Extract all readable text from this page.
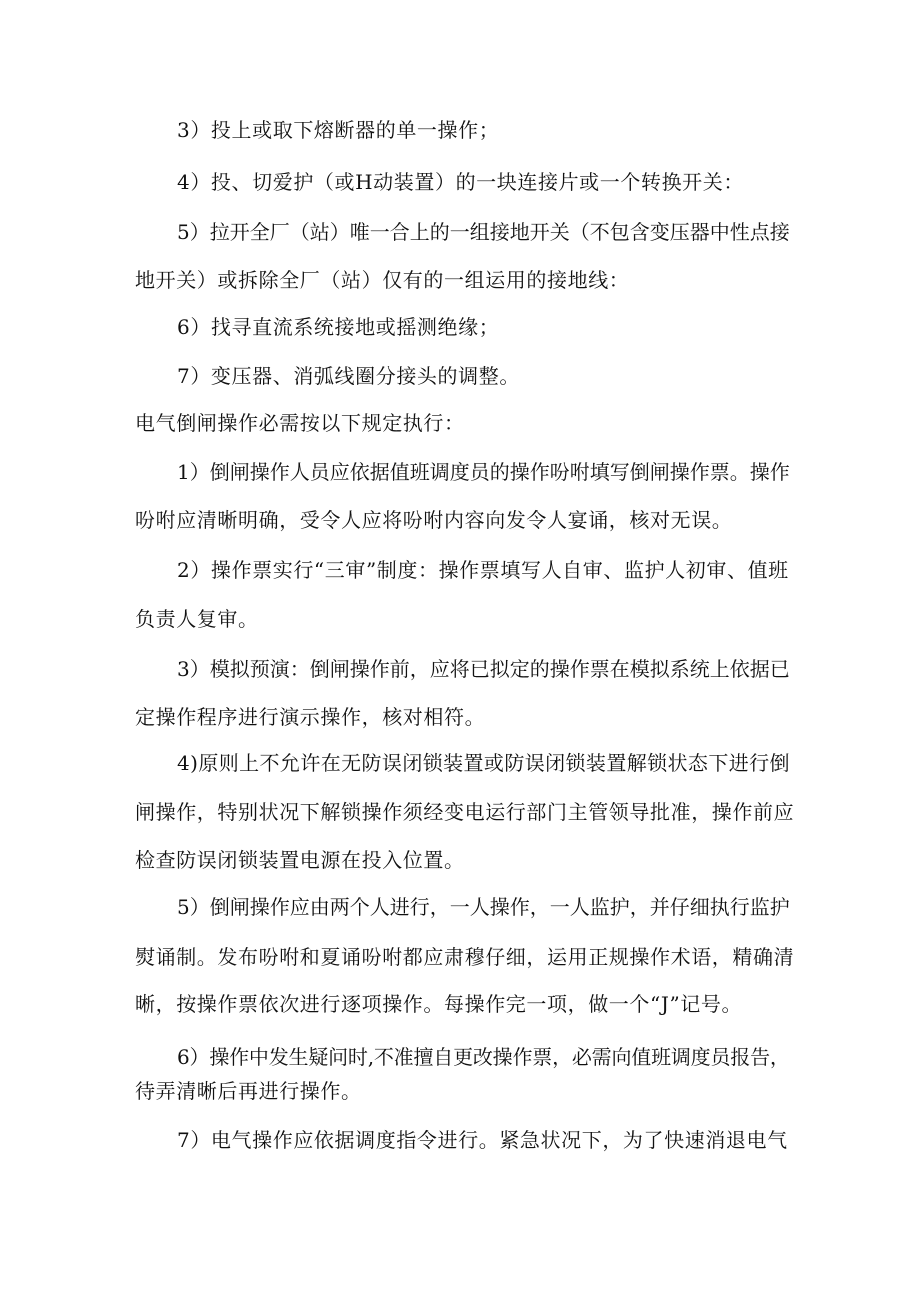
3）投上或取下熔断器的单一操作；
4）投、切爱护（或H动装置）的一块连接片或一个转换开关：
5）拉开全厂（站）唯一合上的一组接地开关（不包含变压器中性点接
地开关）或拆除全厂（站）仅有的一组运用的接地线：
6）找寻直流系统接地或摇测绝缘；
7）变压器、消弧线圈分接头的调整。
电气倒闸操作必需按以下规定执行：
1）倒闸操作人员应依据值班调度员的操作吩咐填写倒闸操作票。操作
吩咐应清晰明确，受令人应将吩咐内容向发令人宴诵，核对无误。
2）操作票实行“三审”制度：操作票填写人自审、监护人初审、值班
负责人复审。
3）模拟预演：倒闸操作前，应将已拟定的操作票在模拟系统上依据已
定操作程序进行演示操作，核对相符。
4)原则上不允许在无防误闭锁装置或防误闭锁装置解锁状态下进行倒
闸操作，特别状况下解锁操作须经变电运行部门主管领导批准，操作前应
检查防误闭锁装置电源在投入位置。
5）倒闸操作应由两个人进行，一人操作，一人监护，并仔细执行监护
熨诵制。发布吩咐和夏诵吩咐都应肃穆仔细，运用正规操作术语，精确清
晰，按操作票依次进行逐项操作。每操作完一项，做一个“J”记号。
6）操作中发生疑问时,不准擅自更改操作票，必需向值班调度员报告，
待弄清晰后再进行操作。
7）电气操作应依据调度指令进行。紧急状况下，为了快速消退电气
